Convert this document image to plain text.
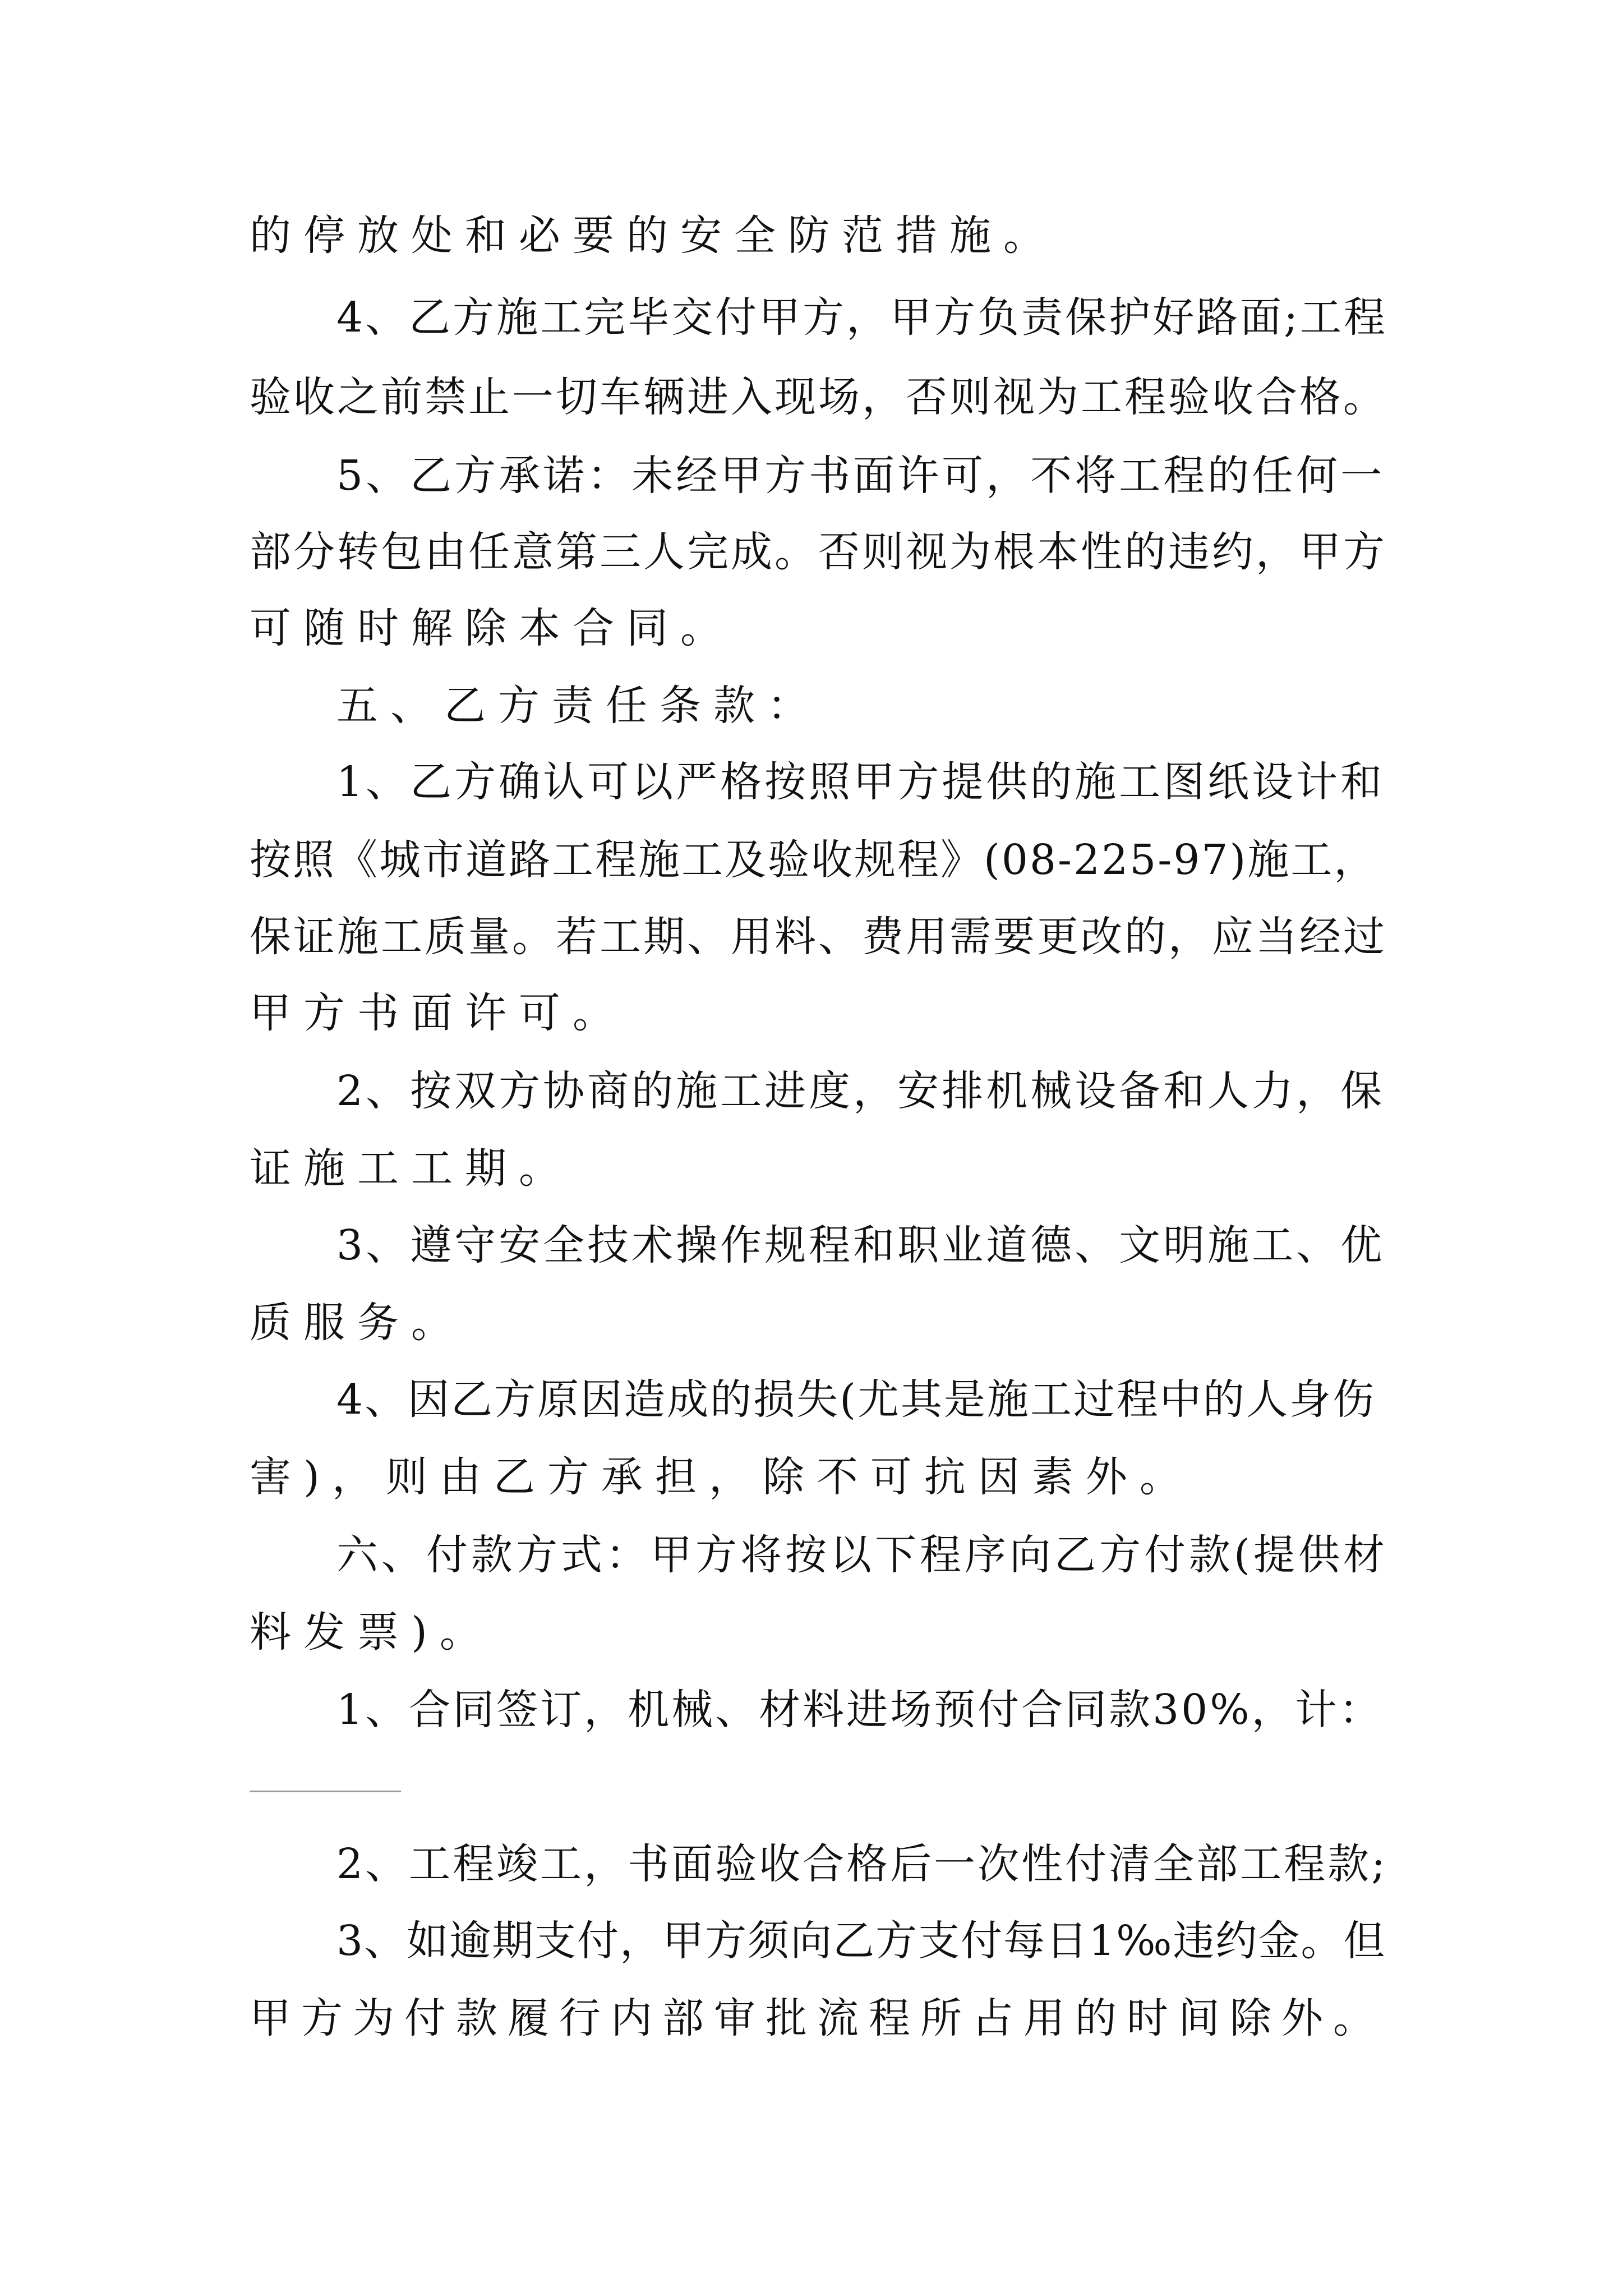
的停放处和必要的安全防范措施。
4、乙方施工完毕交付甲方，甲方负责保护好路面;工程
验收之前禁止一切车辆进入现场，否则视为工程验收合格。
5、乙方承诺：未经甲方书面许可，不将工程的任何一
部分转包由任意第三人完成。否则视为根本性的违约，甲方
可随时解除本合同。
五、乙方责任条款：
1、乙方确认可以严格按照甲方提供的施工图纸设计和
按照《城市道路工程施工及验收规程》(08-225-97)施工，
保证施工质量。若工期、用料、费用需要更改的，应当经过
甲方书面许可。
2、按双方协商的施工进度，安排机械设备和人力，保
证施工工期。
3、遵守安全技术操作规程和职业道德、文明施工、优
质服务。
4、因乙方原因造成的损失(尤其是施工过程中的人身伤
害)，则由乙方承担，除不可抗因素外。
六、付款方式：甲方将按以下程序向乙方付款(提供材
料发票)。
1、合同签订，机械、材料进场预付合同款30%，计：
2、工程竣工，书面验收合格后一次性付清全部工程款;
3、如逾期支付，甲方须向乙方支付每日1‰违约金。但
甲方为付款履行内部审批流程所占用的时间除外。
